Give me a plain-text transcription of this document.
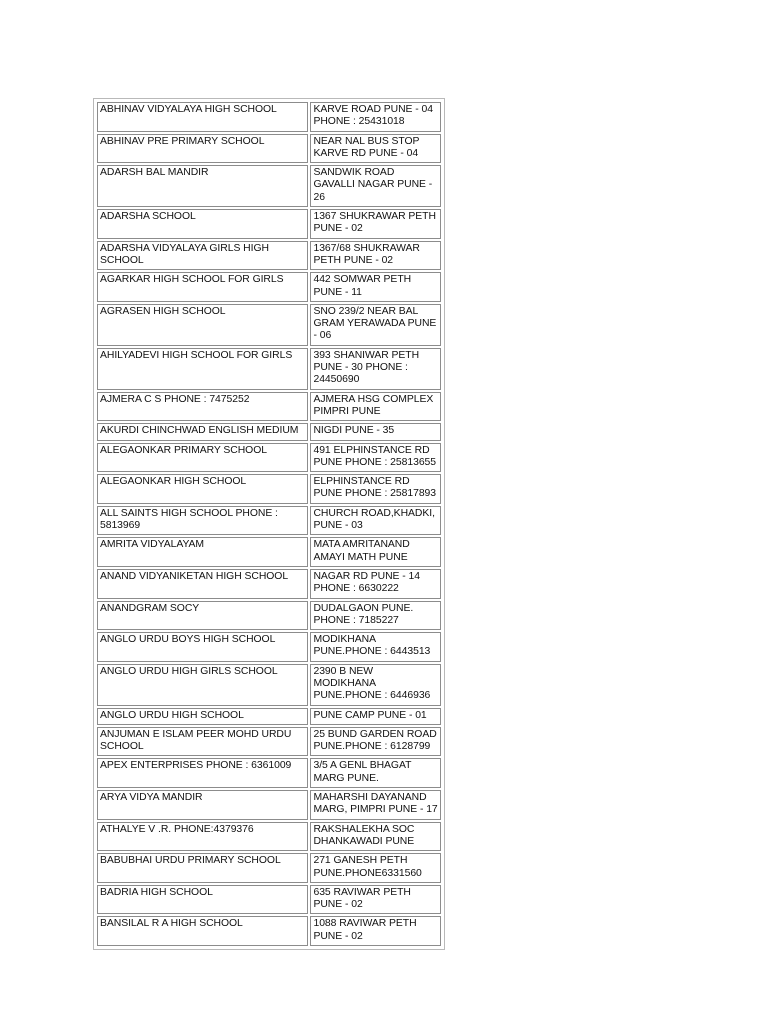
ABHINAV VIDYALAYA HIGH SCHOOL	KARVE ROAD PUNE - 04
PHONE : 25431018

ABHINAV PRE PRIMARY SCHOOL	NEAR NAL BUS STOP
KARVE RD PUNE - 04

ADARSH BAL MANDIR	SANDWIK ROAD
GAVALLI NAGAR PUNE -
26

ADARSHA SCHOOL	1367 SHUKRAWAR PETH
PUNE - 02

ADARSHA VIDYALAYA GIRLS HIGH
SCHOOL	1367/68 SHUKRAWAR
PETH PUNE - 02

AGARKAR HIGH SCHOOL FOR GIRLS	442 SOMWAR PETH
PUNE - 11

AGRASEN HIGH SCHOOL	SNO 239/2 NEAR BAL
GRAM YERAWADA PUNE
- 06

AHILYADEVI HIGH SCHOOL FOR GIRLS	393 SHANIWAR PETH
PUNE - 30 PHONE :
24450690

AJMERA C S PHONE : 7475252	AJMERA HSG COMPLEX
PIMPRI PUNE

AKURDI CHINCHWAD ENGLISH MEDIUM	NIGDI PUNE - 35

ALEGAONKAR PRIMARY SCHOOL	491 ELPHINSTANCE RD
PUNE PHONE : 25813655

ALEGAONKAR HIGH SCHOOL	ELPHINSTANCE RD
PUNE PHONE : 25817893

ALL SAINTS HIGH SCHOOL PHONE :
5813969	CHURCH ROAD,KHADKI,
PUNE - 03

AMRITA VIDYALAYAM	MATA AMRITANAND
AMAYI MATH PUNE

ANAND VIDYANIKETAN HIGH SCHOOL	NAGAR RD PUNE - 14
PHONE : 6630222

ANANDGRAM SOCY	DUDALGAON PUNE.
PHONE : 7185227

ANGLO URDU BOYS HIGH SCHOOL	MODIKHANA
PUNE.PHONE : 6443513

ANGLO URDU HIGH GIRLS SCHOOL	2390 B NEW MODIKHANA
PUNE.PHONE : 6446936

ANGLO URDU HIGH SCHOOL	PUNE CAMP PUNE - 01

ANJUMAN E ISLAM PEER MOHD URDU
SCHOOL	25 BUND GARDEN ROAD
PUNE.PHONE : 6128799

APEX ENTERPRISES PHONE : 6361009	3/5 A GENL BHAGAT
MARG PUNE.

ARYA VIDYA MANDIR	MAHARSHI DAYANAND
MARG, PIMPRI PUNE - 17

ATHALYE V .R. PHONE:4379376	RAKSHALEKHA SOC
DHANKAWADI PUNE

BABUBHAI URDU PRIMARY SCHOOL	271 GANESH PETH
PUNE.PHONE6331560

BADRIA HIGH SCHOOL	635 RAVIWAR PETH
PUNE - 02

BANSILAL R A HIGH SCHOOL	1088 RAVIWAR PETH
PUNE - 02
